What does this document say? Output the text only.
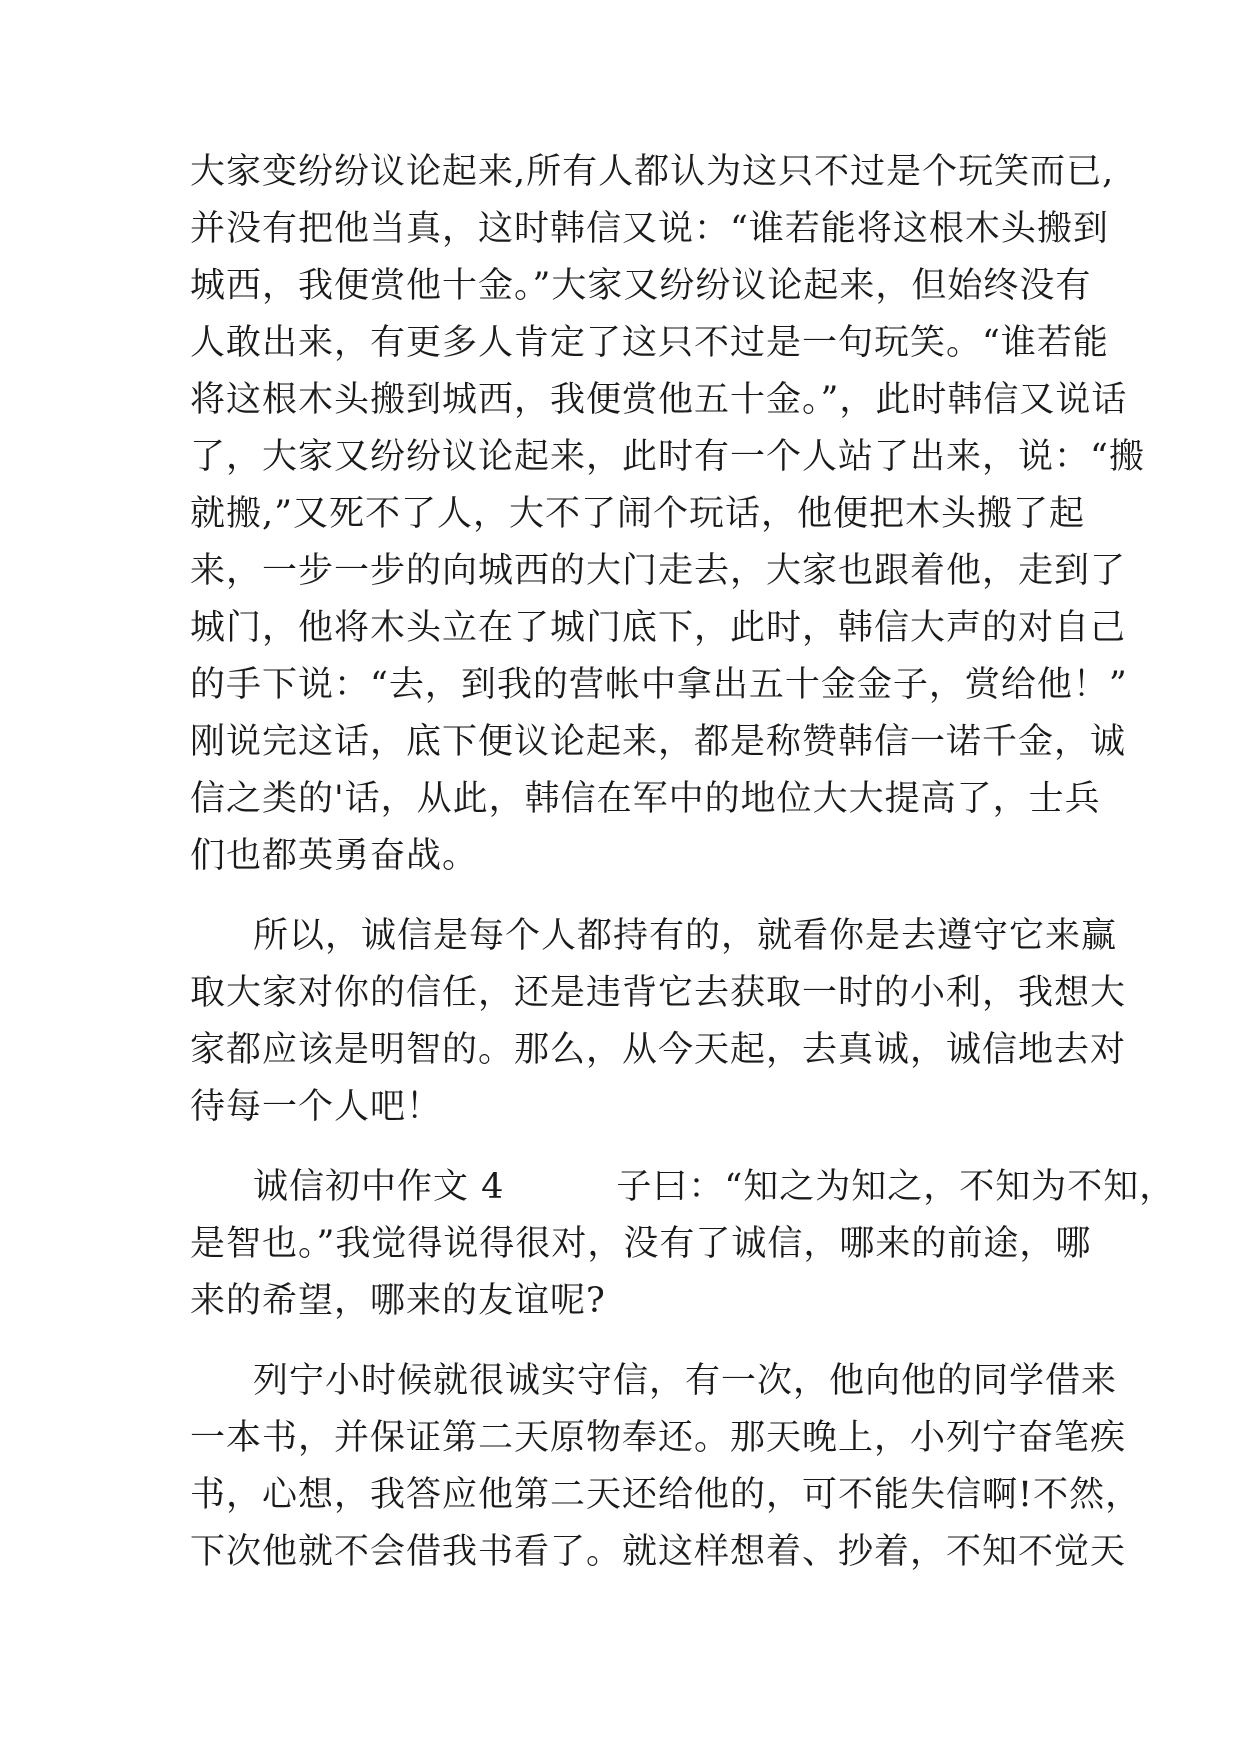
大家变纷纷议论起来,所有人都认为这只不过是个玩笑而已,
并没有把他当真，这时韩信又说：“谁若能将这根木头搬到
城西，我便赏他十金。”大家又纷纷议论起来，但始终没有
人敢出来，有更多人肯定了这只不过是一句玩笑。“谁若能
将这根木头搬到城西，我便赏他五十金。”，此时韩信又说话
了，大家又纷纷议论起来，此时有一个人站了出来，说：“搬
就搬,”又死不了人，大不了闹个玩话，他便把木头搬了起
来，一步一步的向城西的大门走去，大家也跟着他，走到了
城门，他将木头立在了城门底下，此时，韩信大声的对自己
的手下说：“去，到我的营帐中拿出五十金金子，赏给他！”
刚说完这话，底下便议论起来，都是称赞韩信一诺千金，诚
信之类的'话，从此，韩信在军中的地位大大提高了，士兵
们也都英勇奋战。
所以，诚信是每个人都持有的，就看你是去遵守它来赢
取大家对你的信任，还是违背它去获取一时的小利，我想大
家都应该是明智的。那么，从今天起，去真诚，诚信地去对
待每一个人吧！
诚信初中作文 4	子曰：“知之为知之，不知为不知，
是智也。”我觉得说得很对，没有了诚信，哪来的前途，哪
来的希望，哪来的友谊呢?
列宁小时候就很诚实守信，有一次，他向他的同学借来
一本书，并保证第二天原物奉还。那天晚上，小列宁奋笔疾
书，心想，我答应他第二天还给他的，可不能失信啊!不然，
下次他就不会借我书看了。就这样想着、抄着，不知不觉天
